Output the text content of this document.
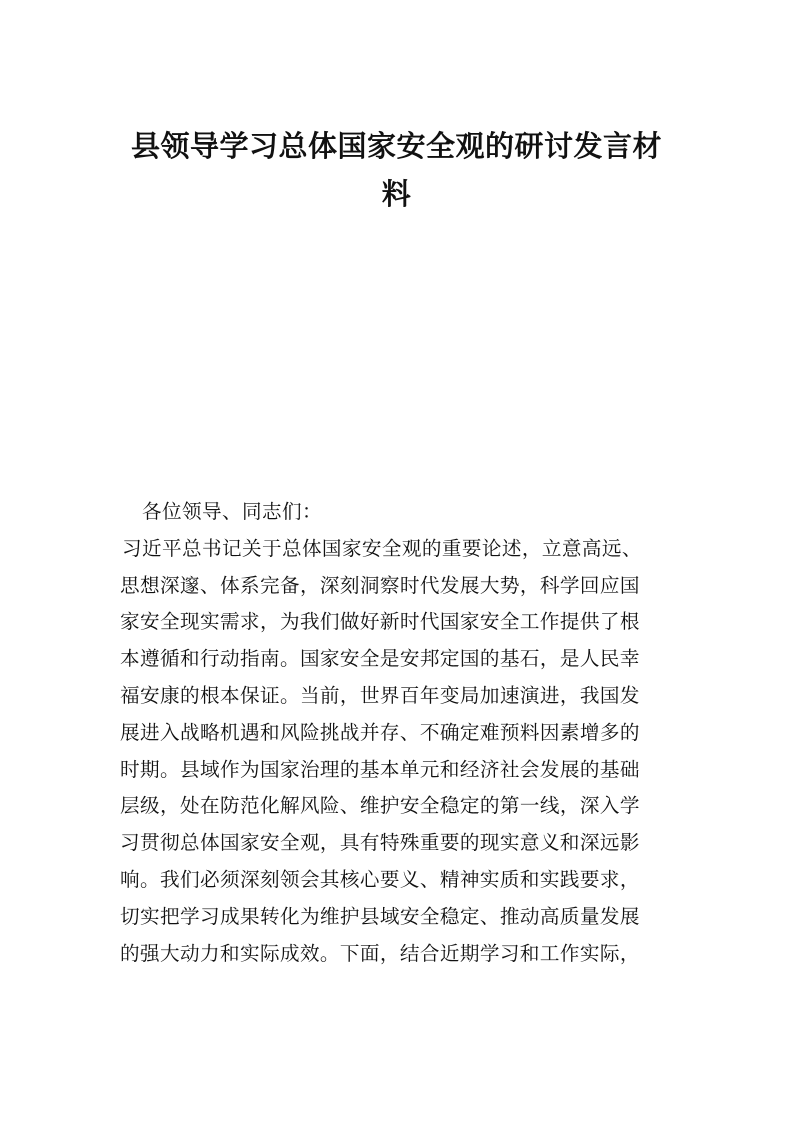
县领导学习总体国家安全观的研讨发言材
料
各位领导、同志们：
习近平总书记关于总体国家安全观的重要论述，立意高远、
思想深邃、体系完备，深刻洞察时代发展大势，科学回应国
家安全现实需求，为我们做好新时代国家安全工作提供了根
本遵循和行动指南。国家安全是安邦定国的基石，是人民幸
福安康的根本保证。当前，世界百年变局加速演进，我国发
展进入战略机遇和风险挑战并存、不确定难预料因素增多的
时期。县域作为国家治理的基本单元和经济社会发展的基础
层级，处在防范化解风险、维护安全稳定的第一线，深入学
习贯彻总体国家安全观，具有特殊重要的现实意义和深远影
响。我们必须深刻领会其核心要义、精神实质和实践要求，
切实把学习成果转化为维护县域安全稳定、推动高质量发展
的强大动力和实际成效。下面，结合近期学习和工作实际，
